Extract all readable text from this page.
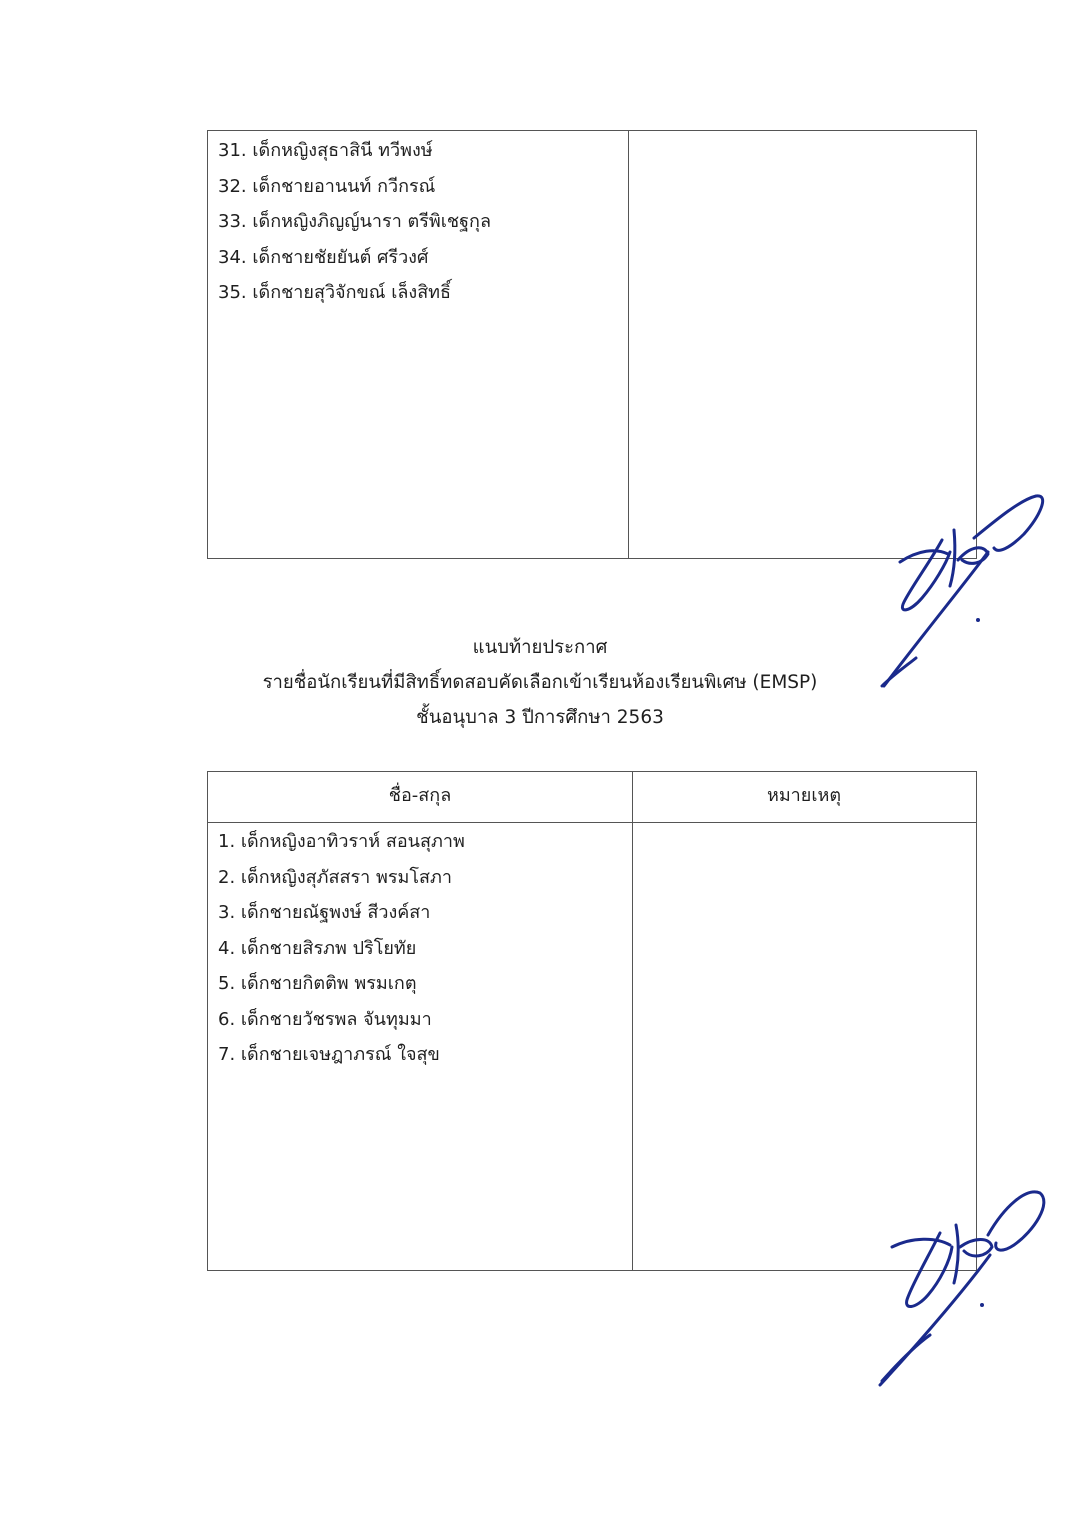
31. เด็กหญิงสุธาสินี ทวีพงษ์
32. เด็กชายอานนท์ กวีกรณ์
33. เด็กหญิงภิญญ์นารา ตรีพิเชฐกุล
34. เด็กชายชัยยันต์ ศรีวงศ์
35. เด็กชายสุวิจักขณ์ เล็งสิทธิ์
แนบท้ายประกาศ
รายชื่อนักเรียนที่มีสิทธิ์ทดสอบคัดเลือกเข้าเรียนห้องเรียนพิเศษ (EMSP)
ชั้นอนุบาล 3 ปีการศึกษา 2563
ชื่อ-สกุล	หมายเหตุ
1. เด็กหญิงอาทิวราห์ สอนสุภาพ
2. เด็กหญิงสุภัสสรา พรมโสภา
3. เด็กชายณัฐพงษ์ สีวงค์สา
4. เด็กชายสิรภพ ปริโยทัย
5. เด็กชายกิตติพ พรมเกตุ
6. เด็กชายวัชรพล จันทุมมา
7. เด็กชายเจษฎาภรณ์ ใจสุข
